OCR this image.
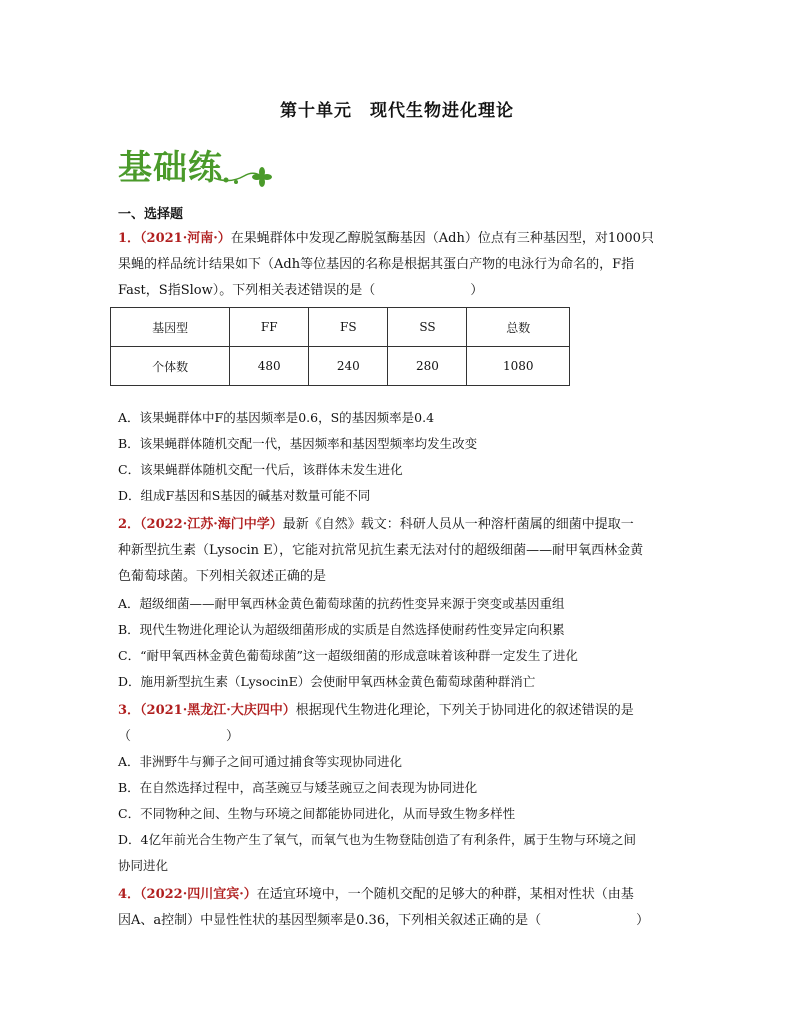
第十单元　现代生物进化理论
基础练
一、选择题
1．（2021·河南·）在果蝇群体中发现乙醇脱氢酶基因（Adh）位点有三种基因型，对1000只
果蝇的样品统计结果如下（Adh等位基因的名称是根据其蛋白产物的电泳行为命名的，F指
Fast，S指Slow）。下列相关表述错误的是（	）
基因型	FF	FS	SS	总数
个体数	480	240	280	1080
A．该果蝇群体中F的基因频率是0.6，S的基因频率是0.4
B．该果蝇群体随机交配一代，基因频率和基因型频率均发生改变
C．该果蝇群体随机交配一代后，该群体未发生进化
D．组成F基因和S基因的碱基对数量可能不同
2．（2022·江苏·海门中学）最新《自然》载文：科研人员从一种溶杆菌属的细菌中提取一
种新型抗生素（Lysocin E），它能对抗常见抗生素无法对付的超级细菌——耐甲氧西林金黄
色葡萄球菌。下列相关叙述正确的是
A．超级细菌——耐甲氧西林金黄色葡萄球菌的抗药性变异来源于突变或基因重组
B．现代生物进化理论认为超级细菌形成的实质是自然选择使耐药性变异定向积累
C．“耐甲氧西林金黄色葡萄球菌”这一超级细菌的形成意味着该种群一定发生了进化
D．施用新型抗生素（LysocinE）会使耐甲氧西林金黄色葡萄球菌种群消亡
3．（2021·黑龙江·大庆四中）根据现代生物进化理论，下列关于协同进化的叙述错误的是
（	）
A．非洲野牛与狮子之间可通过捕食等实现协同进化
B．在自然选择过程中，高茎豌豆与矮茎豌豆之间表现为协同进化
C．不同物种之间、生物与环境之间都能协同进化，从而导致生物多样性
D．4亿年前光合生物产生了氧气，而氧气也为生物登陆创造了有利条件，属于生物与环境之间
协同进化
4．（2022·四川宜宾·）在适宜环境中，一个随机交配的足够大的种群，某相对性状（由基
因A、a控制）中显性性状的基因型频率是0.36，下列相关叙述正确的是（	）
